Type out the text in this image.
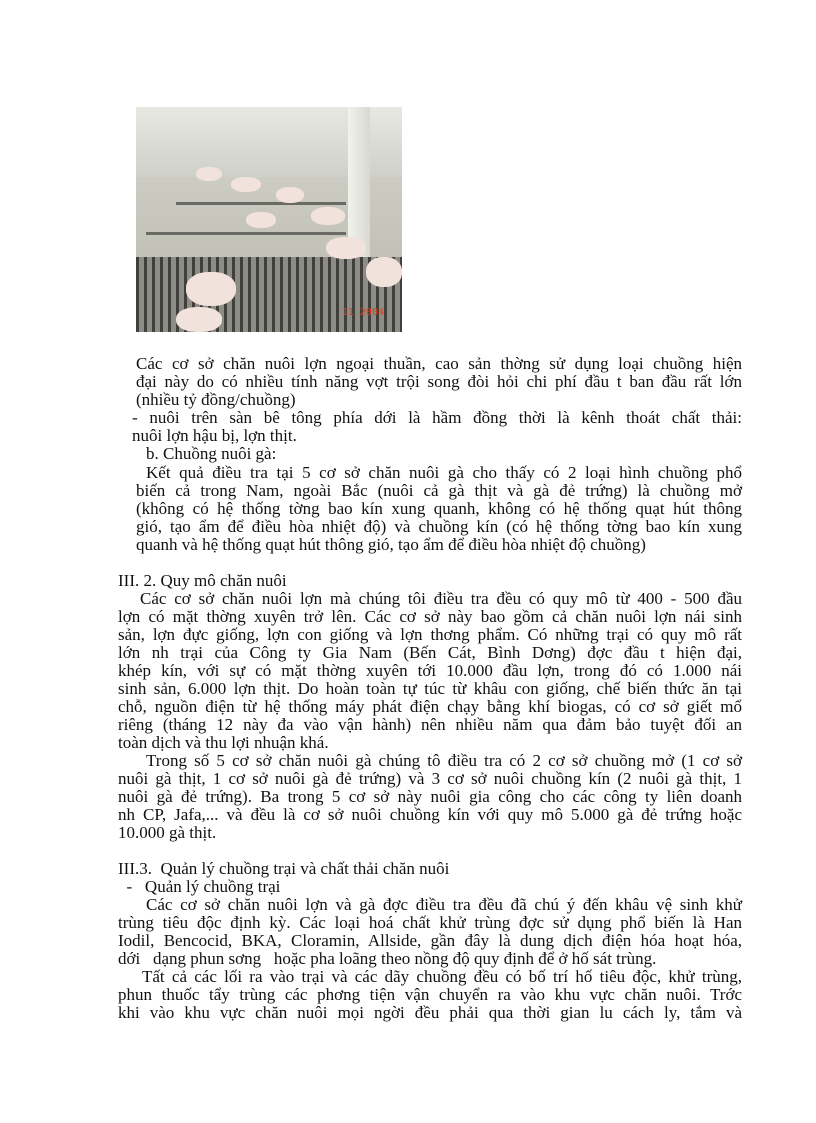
11 2004
Các cơ sở chăn nuôi lợn ngoại thuần, cao sản thờng sử dụng loại chuồng hiện
đại này do có nhiều tính năng vợt trội song đòi hỏi chi phí đầu t ban đầu rất lớn
(nhiều tỷ đồng/chuồng)
- nuôi trên sàn bê tông phía dới là hầm đồng thời là kênh thoát chất thải:
nuôi lợn hậu bị, lợn thịt.
b. Chuồng nuôi gà:
Kết quả điều tra tại 5 cơ sở chăn nuôi gà cho thấy có 2 loại hình chuồng phổ
biến cả trong Nam, ngoài Bắc (nuôi cả gà thịt và gà đẻ trứng) là chuồng mở
(không có hệ thống tờng bao kín xung quanh, không có hệ thống quạt hút thông
gió, tạo ẩm để điều hòa nhiệt độ) và chuồng kín (có hệ thống tờng bao kín xung
quanh và hệ thống quạt hút thông gió, tạo ẩm để điều hòa nhiệt độ chuồng)
III. 2. Quy mô chăn nuôi
Các cơ sở chăn nuôi lợn mà chúng tôi điều tra đều có quy mô từ 400 - 500 đầu
lợn có mặt thờng xuyên trở lên. Các cơ sở này bao gồm cả chăn nuôi lợn nái sinh
sản, lợn đực giống, lợn con giống và lợn thơng phẩm. Có những trại có quy mô rất
lớn nh trại của Công ty Gia Nam (Bến Cát, Bình Dơng) đợc đầu t hiện đại,
khép kín, với sự có mặt thờng xuyên tới 10.000 đầu lợn, trong đó có 1.000 nái
sinh sản, 6.000 lợn thịt. Do hoàn toàn tự túc từ khâu con giống, chế biến thức ăn tại
chỗ, nguồn điện từ hệ thống máy phát điện chạy bằng khí biogas, có cơ sở giết mổ
riêng (tháng 12 này đa vào vận hành) nên nhiều năm qua đảm bảo tuyệt đối an
toàn dịch và thu lợi nhuận khá.
Trong số 5 cơ sở chăn nuôi gà chúng tô điều tra có 2 cơ sở chuồng mở (1 cơ sở
nuôi gà thịt, 1 cơ sở nuôi gà đẻ trứng) và 3 cơ sở nuôi chuồng kín (2 nuôi gà thịt, 1
nuôi gà đẻ trứng). Ba trong 5 cơ sở này nuôi gia công cho các công ty liên doanh
nh CP, Jafa,... và đều là cơ sở nuôi chuồng kín với quy mô 5.000 gà đẻ trứng hoặc
10.000 gà thịt.
III.3.  Quản lý chuồng trại và chất thải chăn nuôi
-   Quản lý chuồng trại
Các cơ sở chăn nuôi lợn và gà đợc điều tra đều đã chú ý đến khâu vệ sinh khử
trùng tiêu độc định kỳ. Các loại hoá chất khử trùng đợc sử dụng phổ biến là Han
Iodil, Bencocid, BKA, Cloramin, Allside, gần đây là dung dịch điện hóa hoạt hóa,
dới   dạng phun sơng   hoặc pha loãng theo nồng độ quy định để ở hố sát trùng.
Tất cả các lối ra vào trại và các dãy chuồng đều có bố trí hố tiêu độc, khử trùng,
phun thuốc tẩy trùng các phơng tiện vận chuyển ra vào khu vực chăn nuôi. Trớc
khi vào khu vực chăn nuôi mọi ngời đều phải qua thời gian lu cách ly, tắm và
